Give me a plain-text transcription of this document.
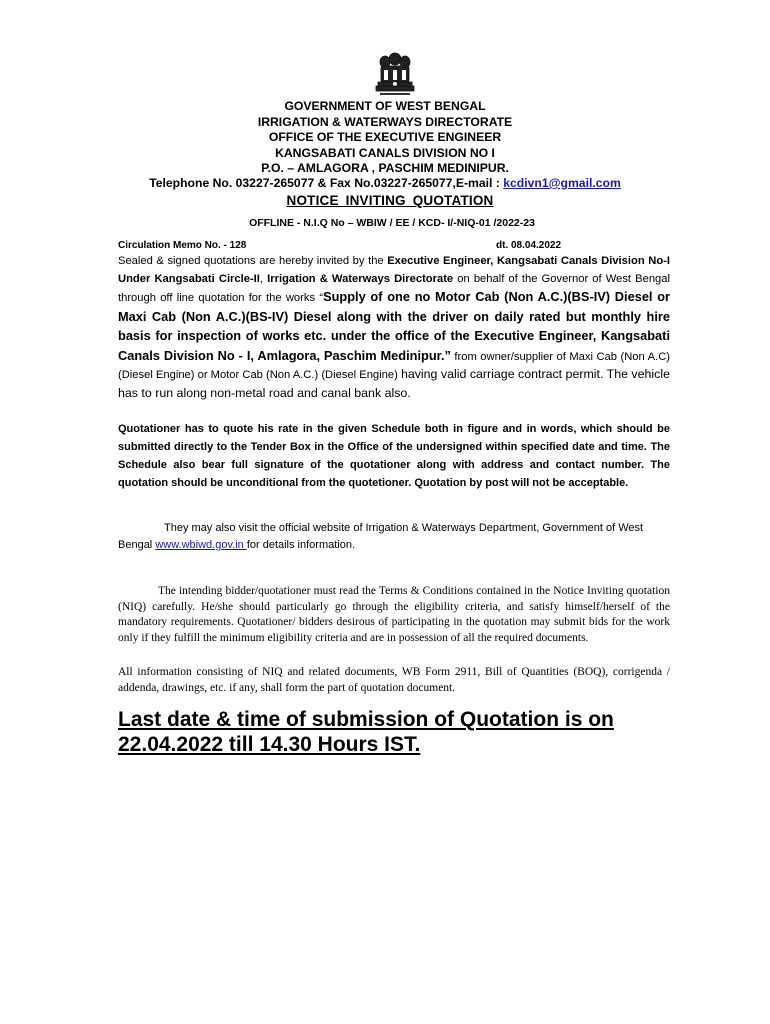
GOVERNMENT OF WEST BENGAL
IRRIGATION & WATERWAYS DIRECTORATE
OFFICE OF THE EXECUTIVE ENGINEER
KANGSABATI CANALS DIVISION NO I
P.O. – AMLAGORA , PASCHIM MEDINIPUR.
Telephone No. 03227-265077 & Fax No.03227-265077,E-mail : kcdivn1@gmail.com
NOTICE INVITING QUOTATION
OFFLINE - N.I.Q No – WBIW / EE / KCD- I/-NIQ-01 /2022-23
Circulation Memo No. - 128	dt. 08.04.2022
Sealed & signed quotations are hereby invited by the Executive Engineer, Kangsabati Canals Division No-I Under Kangsabati Circle-II, Irrigation & Waterways Directorate on behalf of the Governor of West Bengal through off line quotation for the works “Supply of one no Motor Cab (Non A.C.)(BS-IV) Diesel or Maxi Cab (Non A.C.)(BS-IV) Diesel along with the driver on daily rated but monthly hire basis for inspection of works etc. under the office of the Executive Engineer, Kangsabati Canals Division No - I, Amlagora, Paschim Medinipur.” from owner/supplier of Maxi Cab (Non A.C) (Diesel Engine) or Motor Cab (Non A.C.) (Diesel Engine) having valid carriage contract permit. The vehicle has to run along non-metal road and canal bank also.
Quotationer has to quote his rate in the given Schedule both in figure and in words, which should be submitted directly to the Tender Box in the Office of the undersigned within specified date and time. The Schedule also bear full signature of the quotationer along with address and contact number. The quotation should be unconditional from the quotetioner. Quotation by post will not be acceptable.
They may also visit the official website of Irrigation & Waterways Department, Government of West Bengal www.wbiwd.gov.in for details information.
The intending bidder/quotationer must read the Terms & Conditions contained in the Notice Inviting quotation (NIQ) carefully. He/she should particularly go through the eligibility criteria, and satisfy himself/herself of the mandatory requirements. Quotationer/ bidders desirous of participating in the quotation may submit bids for the work only if they fulfill the minimum eligibility criteria and are in possession of all the required documents.
All information consisting of NIQ and related documents, WB Form 2911, Bill of Quantities (BOQ), corrigenda / addenda, drawings, etc. if any, shall form the part of quotation document.
Last date & time of submission of Quotation is on 22.04.2022 till 14.30 Hours IST.
